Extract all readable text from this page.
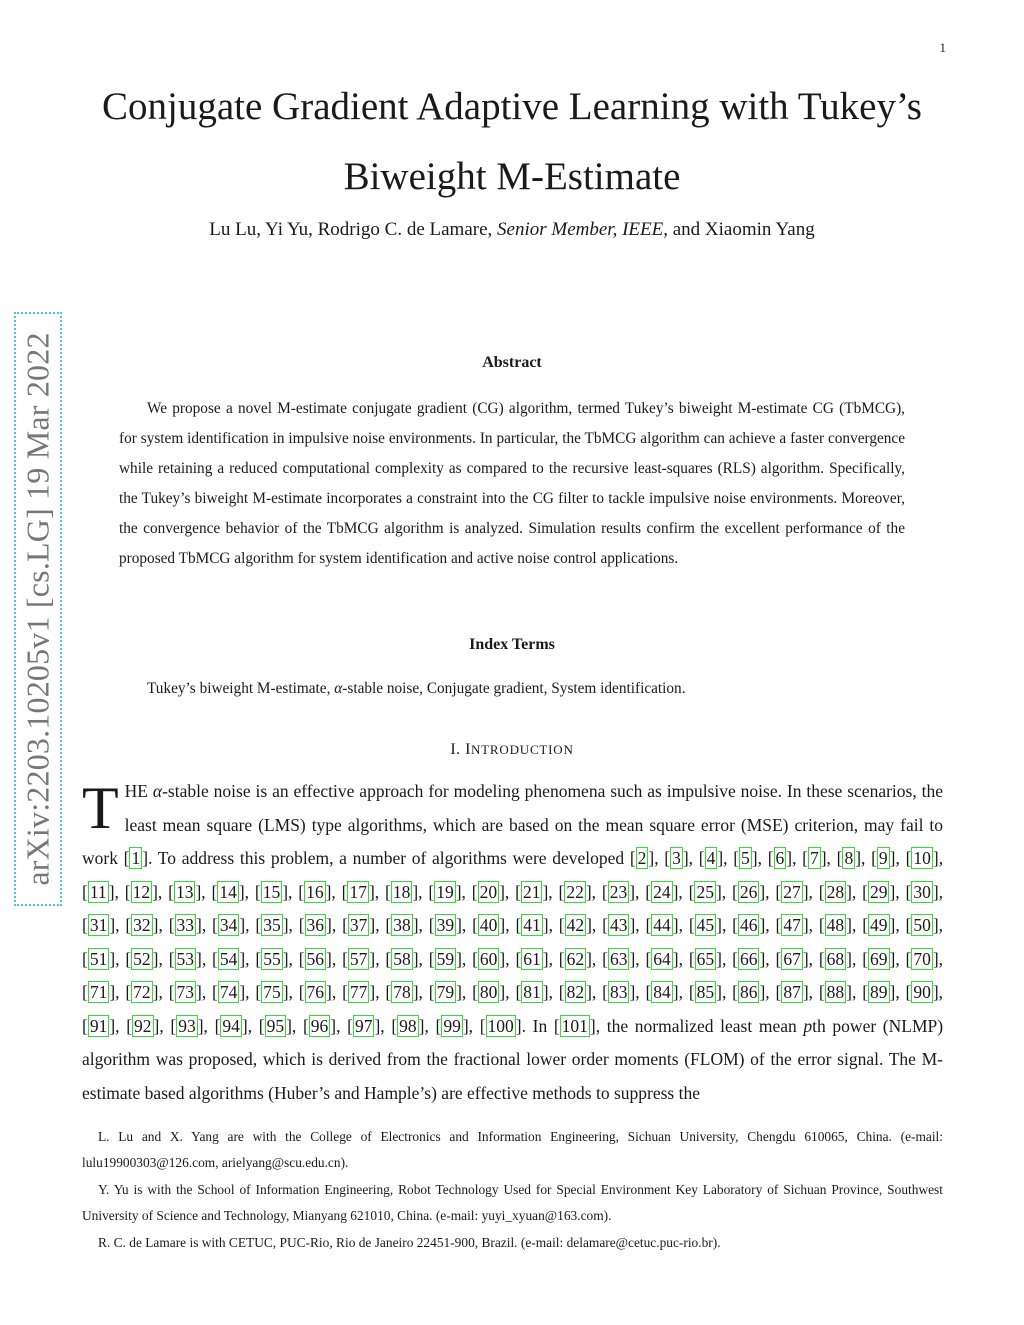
1
arXiv:2203.10205v1 [cs.LG] 19 Mar 2022
Conjugate Gradient Adaptive Learning with Tukey’s Biweight M-Estimate
Lu Lu, Yi Yu, Rodrigo C. de Lamare, Senior Member, IEEE, and Xiaomin Yang
Abstract

We propose a novel M-estimate conjugate gradient (CG) algorithm, termed Tukey’s biweight M-estimate CG (TbMCG), for system identification in impulsive noise environments. In particular, the TbMCG algorithm can achieve a faster convergence while retaining a reduced computational complexity as compared to the recursive least-squares (RLS) algorithm. Specifically, the Tukey’s biweight M-estimate incorporates a constraint into the CG filter to tackle impulsive noise environments. Moreover, the convergence behavior of the TbMCG algorithm is analyzed. Simulation results confirm the excellent performance of the proposed TbMCG algorithm for system identification and active noise control applications.

Index Terms
Tukey’s biweight M-estimate, α-stable noise, Conjugate gradient, System identification.
I. INTRODUCTION

THE α-stable noise is an effective approach for modeling phenomena such as impulsive noise. In these scenarios, the least mean square (LMS) type algorithms, which are based on the mean square error (MSE) criterion, may fail to work [ 1 ]. To address this problem, a number of algorithms were developed [ 2 ], [ 3 ], [ 4 ], [ 5 ], [ 6 ], [ 7 ], [ 8 ], [ 9 ], [ 10 ], [ 11 ], [ 12 ], [ 13 ], [ 14 ], [ 15 ], [ 16 ], [ 17 ], [ 18 ], [ 19 ], [ 20 ], [ 21 ], [ 22 ], [ 23 ], [ 24 ], [ 25 ], [ 26 ], [ 27 ], [ 28 ], [ 29 ], [ 30 ], [ 31 ], [ 32 ], [ 33 ], [ 34 ], [ 35 ], [ 36 ], [ 37 ], [ 38 ], [ 39 ], [ 40 ], [ 41 ], [ 42 ], [ 43 ], [ 44 ], [ 45 ], [ 46 ], [ 47 ], [ 48 ], [ 49 ], [ 50 ], [ 51 ], [ 52 ], [ 53 ], [ 54 ], [ 55 ], [ 56 ], [ 57 ], [ 58 ], [ 59 ], [ 60 ], [ 61 ], [ 62 ], [ 63 ], [ 64 ], [ 65 ], [ 66 ], [ 67 ], [ 68 ], [ 69 ], [ 70 ], [ 71 ], [ 72 ], [ 73 ], [ 74 ], [ 75 ], [ 76 ], [ 77 ], [ 78 ], [ 79 ], [ 80 ], [ 81 ], [ 82 ], [ 83 ], [ 84 ], [ 85 ], [ 86 ], [ 87 ], [ 88 ], [ 89 ], [ 90 ], [ 91 ], [ 92 ], [ 93 ], [ 94 ], [ 95 ], [ 96 ], [ 97 ], [ 98 ], [ 99 ], [ 100 ]. In [ 101 ], the normalized least mean pth power (NLMP) algorithm was proposed, which is derived from the fractional lower order moments (FLOM) of the error signal. The M-estimate based algorithms (Huber’s and Hample’s) are effective methods to suppress the

L. Lu and X. Yang are with the College of Electronics and Information Engineering, Sichuan University, Chengdu 610065, China. (e-mail: lulu19900303@126.com, arielyang@scu.edu.cn).

Y. Yu is with the School of Information Engineering, Robot Technology Used for Special Environment Key Laboratory of Sichuan Province, Southwest University of Science and Technology, Mianyang 621010, China. (e-mail: yuyi_xyuan@163.com).

R. C. de Lamare is with CETUC, PUC-Rio, Rio de Janeiro 22451-900, Brazil. (e-mail: delamare@cetuc.puc-rio.br).
